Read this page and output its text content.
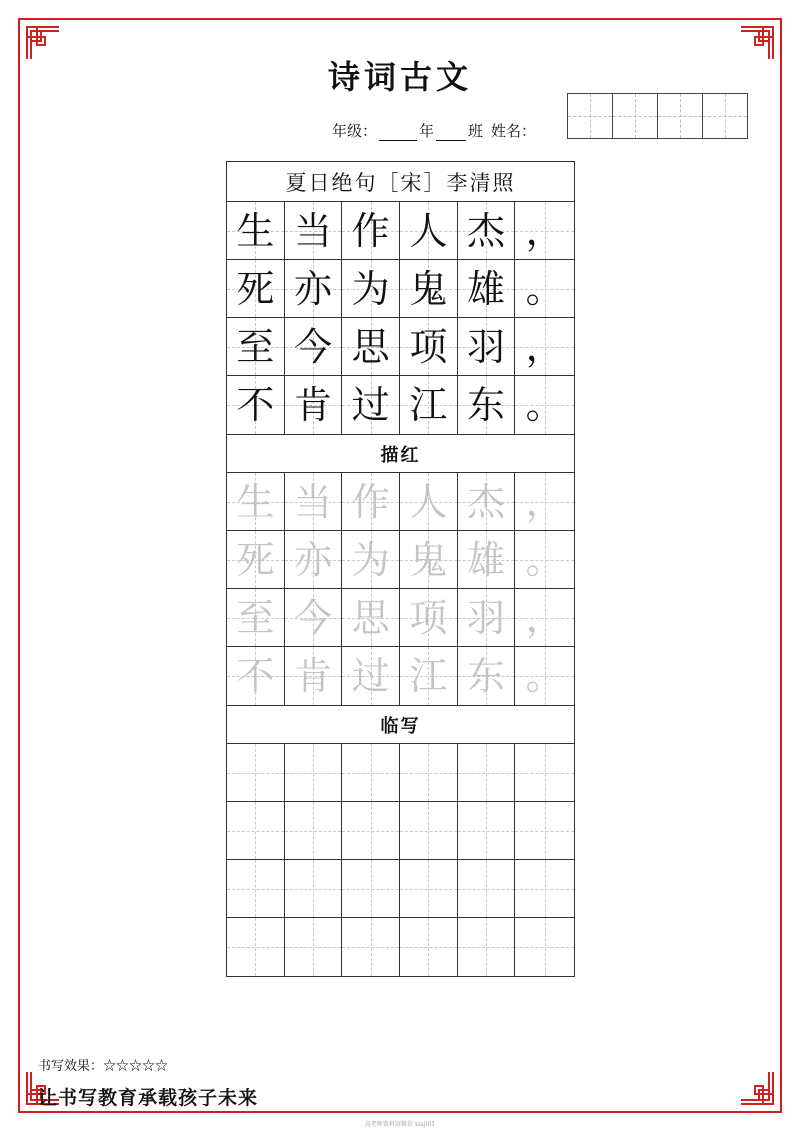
诗词古文
年级：	年 班 姓名：
夏日绝句［宋］李清照
生 当 作 人 杰 ，
死 亦 为 鬼 雄 。
至 今 思 项 羽 ，
不 肯 过 江 东 。
描红
生 当 作 人 杰 ，
死 亦 为 鬼 雄 。
至 今 思 项 羽 ，
不 肯 过 江 东 。
临写
书写效果：☆☆☆☆☆
让书写教育承载孩子未来
高老师资料馆微信 xiaji01
